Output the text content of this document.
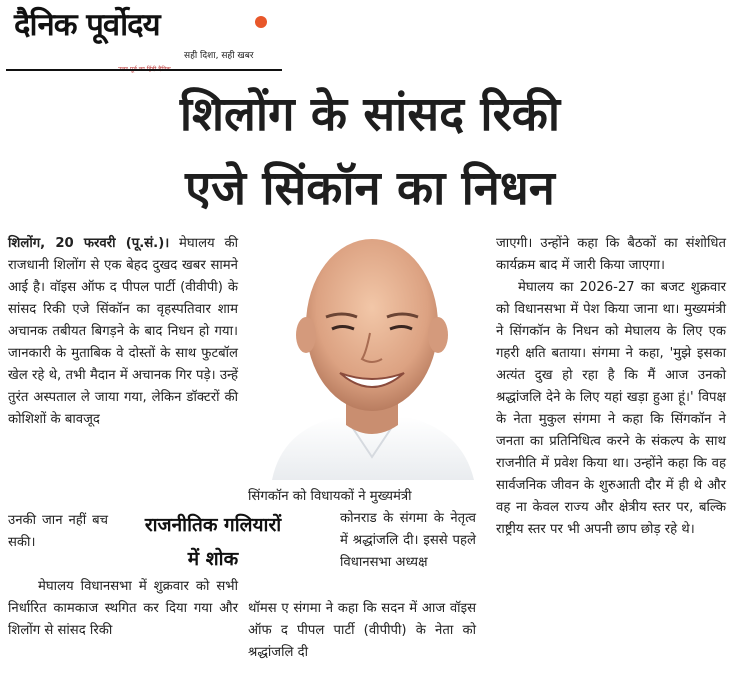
दैनिक पूर्वोदय
सही दिशा, सही खबर
शिलोंग के सांसद रिकी
एजे सिंकॉन का निधन

शिलोंग, 20 फरवरी (पू.सं.)। मेघालय की राजधानी शिलोंग से एक बेहद दुखद खबर सामने आई है। वॉइस ऑफ द पीपल पार्टी (वीवीपी) के सांसद रिकी एजे सिंकॉन का वृहस्पतिवार शाम अचानक तबीयत बिगड़ने के बाद निधन हो गया। जानकारी के मुताबिक वे दोस्तों के साथ फुटबॉल खेल रहे थे, तभी मैदान में अचानक गिर पड़े। उन्हें तुरंत अस्पताल ले जाया गया, लेकिन डॉक्टरों की कोशिशों के बावजूद

उनकी जान नहीं बच सकी।

राजनीतिक गलियारों
में शोक

मेघालय विधानसभा में शुक्रवार को सभी निर्धारित कामकाज स्थगित कर दिया गया और शिलोंग से सांसद रिकी

सिंगकॉन को विधायकों ने मुख्यमंत्री

कोनराड के संगमा के नेतृत्व में श्रद्धांजलि दी। इससे पहले विधानसभा अध्यक्ष

थॉमस ए संगमा ने कहा कि सदन में आज वॉइस ऑफ द पीपल पार्टी (वीपीपी) के नेता को श्रद्धांजलि दी

जाएगी। उन्होंने कहा कि बैठकों का संशोधित कार्यक्रम बाद में जारी किया जाएगा।

मेघालय का 2026-27 का बजट शुक्रवार को विधानसभा में पेश किया जाना था। मुख्यमंत्री ने सिंगकॉन के निधन को मेघालय के लिए एक गहरी क्षति बताया। संगमा ने कहा, 'मुझे इसका अत्यंत दुख हो रहा है कि मैं आज उनको श्रद्धांजलि देने के लिए यहां खड़ा हुआ हूं।' विपक्ष के नेता मुकुल संगमा ने कहा कि सिंगकॉन ने जनता का प्रतिनिधित्व करने के संकल्प के साथ राजनीति में प्रवेश किया था। उन्होंने कहा कि वह सार्वजनिक जीवन के शुरुआती दौर में ही थे और वह ना केवल राज्य और क्षेत्रीय स्तर पर, बल्कि राष्ट्रीय स्तर पर भी अपनी छाप छोड़ रहे थे।
